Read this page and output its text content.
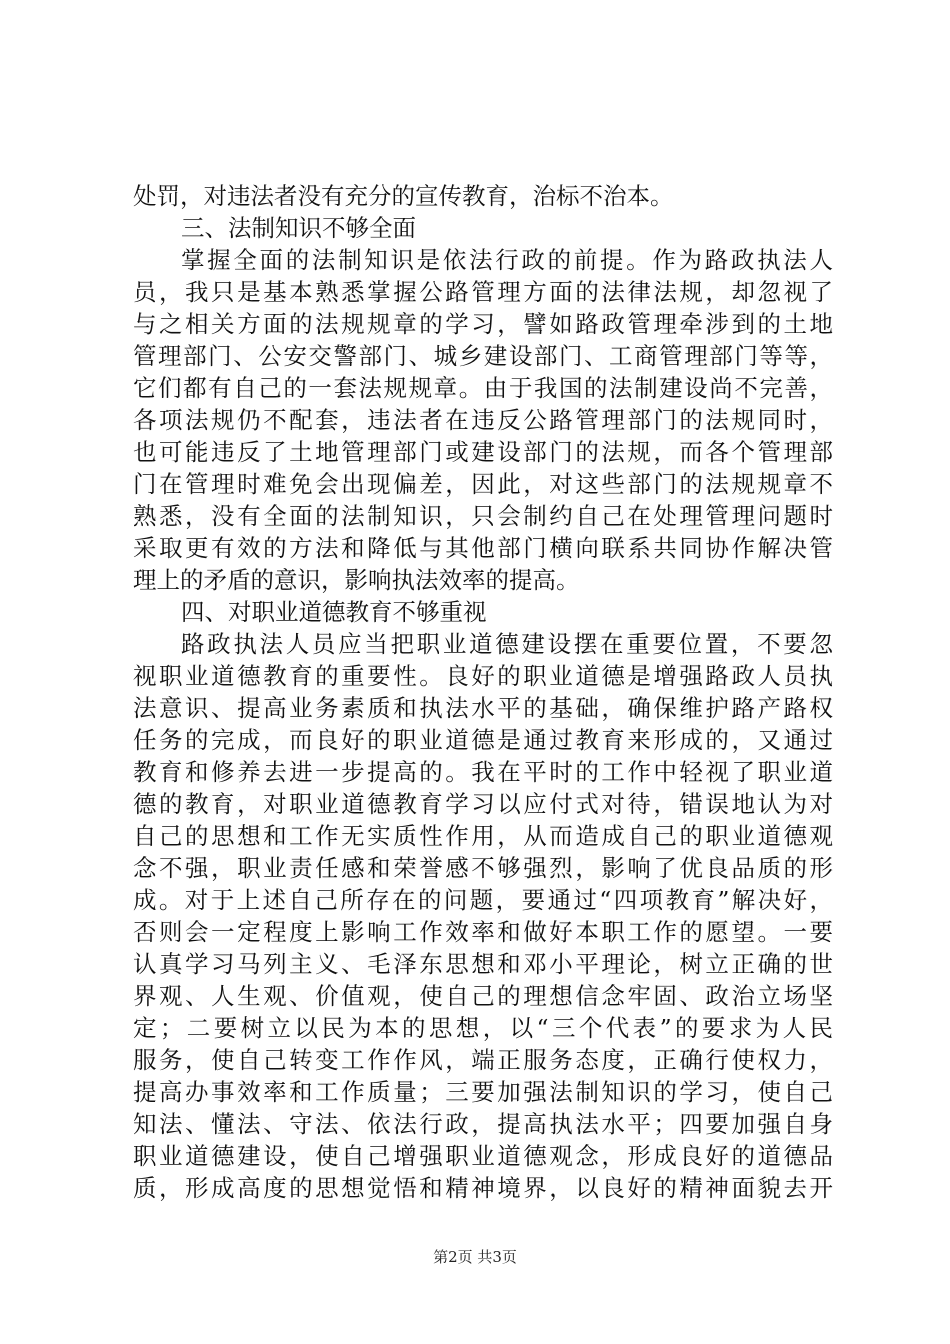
处罚，对违法者没有充分的宣传教育，治标不治本。
三、法制知识不够全面
掌握全面的法制知识是依法行政的前提。作为路政执法人
员，我只是基本熟悉掌握公路管理方面的法律法规，却忽视了
与之相关方面的法规规章的学习，譬如路政管理牵涉到的土地
管理部门、公安交警部门、城乡建设部门、工商管理部门等等，
它们都有自己的一套法规规章。由于我国的法制建设尚不完善，
各项法规仍不配套，违法者在违反公路管理部门的法规同时，
也可能违反了土地管理部门或建设部门的法规，而各个管理部
门在管理时难免会出现偏差，因此，对这些部门的法规规章不
熟悉，没有全面的法制知识，只会制约自己在处理管理问题时
采取更有效的方法和降低与其他部门横向联系共同协作解决管
理上的矛盾的意识，影响执法效率的提高。
四、对职业道德教育不够重视
路政执法人员应当把职业道德建设摆在重要位置，不要忽
视职业道德教育的重要性。良好的职业道德是增强路政人员执
法意识、提高业务素质和执法水平的基础，确保维护路产路权
任务的完成，而良好的职业道德是通过教育来形成的，又通过
教育和修养去进一步提高的。我在平时的工作中轻视了职业道
德的教育，对职业道德教育学习以应付式对待，错误地认为对
自己的思想和工作无实质性作用，从而造成自己的职业道德观
念不强，职业责任感和荣誉感不够强烈，影响了优良品质的形
成。对于上述自己所存在的问题，要通过“四项教育”解决好，
否则会一定程度上影响工作效率和做好本职工作的愿望。一要
认真学习马列主义、毛泽东思想和邓小平理论，树立正确的世
界观、人生观、价值观，使自己的理想信念牢固、政治立场坚
定；二要树立以民为本的思想，以“三个代表”的要求为人民
服务，使自己转变工作作风，端正服务态度，正确行使权力，
提高办事效率和工作质量；三要加强法制知识的学习，使自己
知法、懂法、守法、依法行政，提高执法水平；四要加强自身
职业道德建设，使自己增强职业道德观念，形成良好的道德品
质，形成高度的思想觉悟和精神境界，以良好的精神面貌去开
第2页 共3页
